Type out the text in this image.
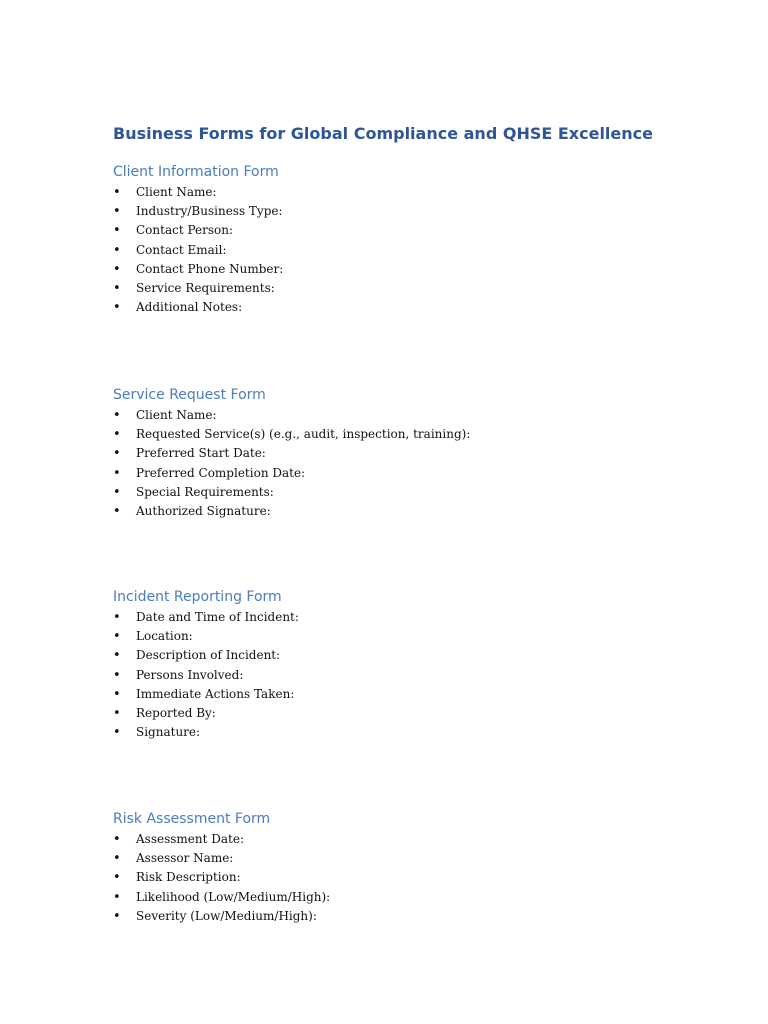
Business Forms for Global Compliance and QHSE Excellence
Client Information Form
• Client Name:
• Industry/Business Type:
• Contact Person:
• Contact Email:
• Contact Phone Number:
• Service Requirements:
• Additional Notes:
Service Request Form
• Client Name:
• Requested Service(s) (e.g., audit, inspection, training):
• Preferred Start Date:
• Preferred Completion Date:
• Special Requirements:
• Authorized Signature:
Incident Reporting Form
• Date and Time of Incident:
• Location:
• Description of Incident:
• Persons Involved:
• Immediate Actions Taken:
• Reported By:
• Signature:
Risk Assessment Form
• Assessment Date:
• Assessor Name:
• Risk Description:
• Likelihood (Low/Medium/High):
• Severity (Low/Medium/High):
